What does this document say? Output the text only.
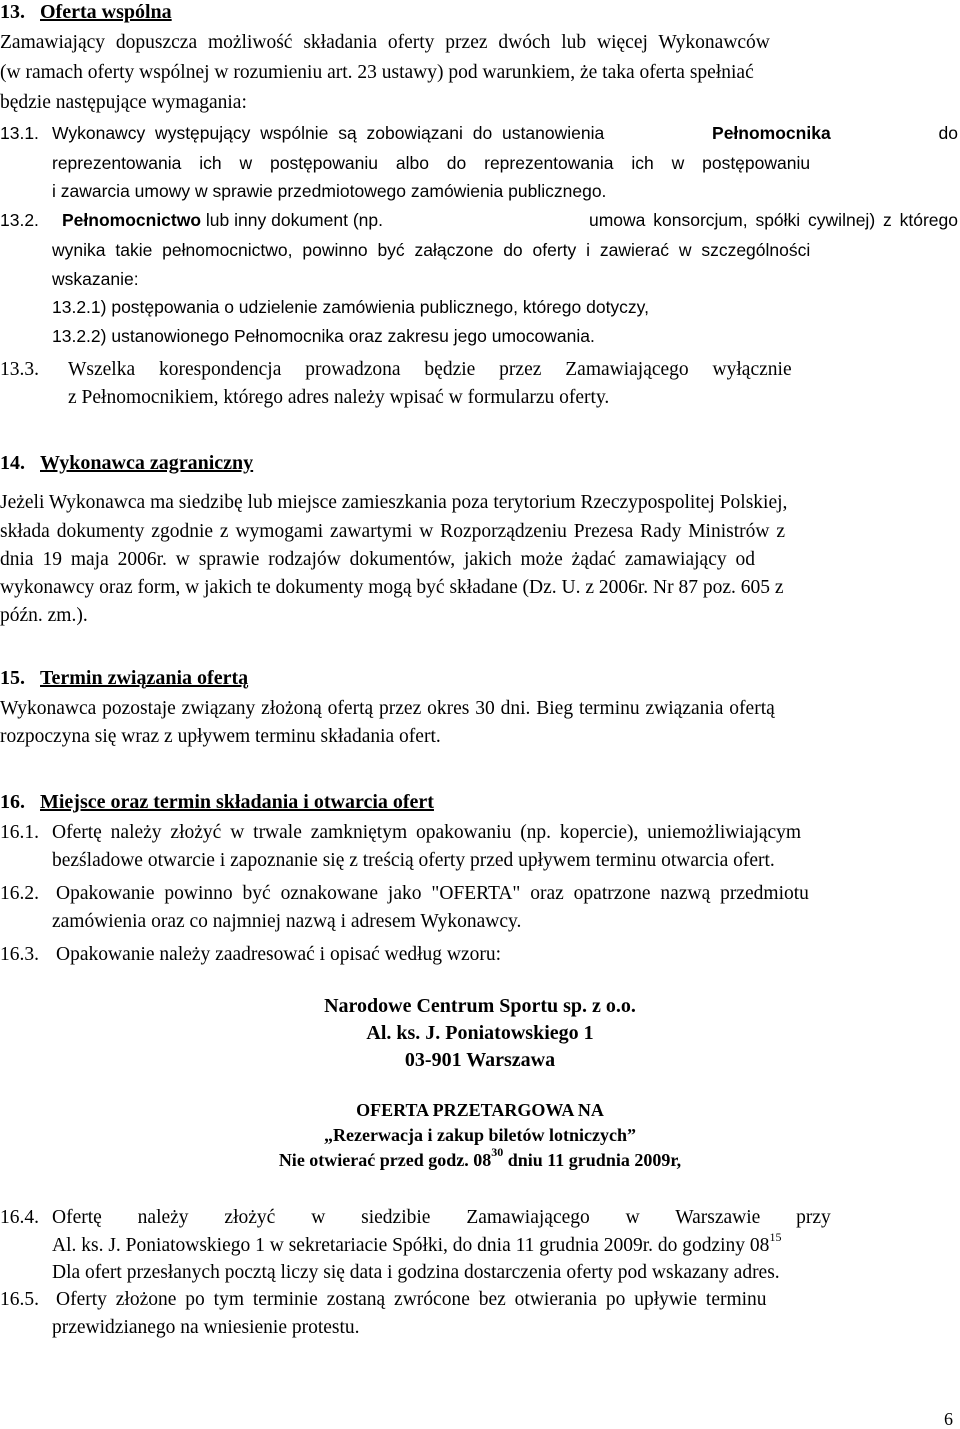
13. Oferta wspólna
Zamawiający dopuszcza możliwość składania oferty przez dwóch lub więcej Wykonawców
(w ramach oferty wspólnej w rozumieniu art. 23 ustawy) pod warunkiem, że taka oferta spełniać
będzie następujące wymagania:
13.1. Wykonawcy występujący wspólnie są zobowiązani do ustanowienia	Pełnomocnika	do
reprezentowania ich w postępowaniu albo do reprezentowania ich w postępowaniu
i zawarcia umowy w sprawie przedmiotowego zamówienia publicznego.
13.2. Pełnomocnictwo lub inny dokument (np.	umowa konsorcjum, spółki cywilnej) z którego
wynika takie pełnomocnictwo, powinno być załączone do oferty i zawierać w szczególności
wskazanie:
13.2.1) postępowania o udzielenie zamówienia publicznego, którego dotyczy,
13.2.2) ustanowionego Pełnomocnika oraz zakresu jego umocowania.
13.3. Wszelka korespondencja prowadzona będzie przez Zamawiającego wyłącznie
z Pełnomocnikiem, którego adres należy wpisać w formularzu oferty.
14. Wykonawca zagraniczny
Jeżeli Wykonawca ma siedzibę lub miejsce zamieszkania poza terytorium Rzeczypospolitej Polskiej,
składa dokumenty zgodnie z wymogami zawartymi w Rozporządzeniu Prezesa Rady Ministrów z
dnia 19 maja 2006r. w sprawie rodzajów dokumentów, jakich może żądać zamawiający od
wykonawcy oraz form, w jakich te dokumenty mogą być składane (Dz. U. z 2006r. Nr 87 poz. 605 z
późn. zm.).
15. Termin związania ofertą
Wykonawca pozostaje związany złożoną ofertą przez okres 30 dni. Bieg terminu związania ofertą
rozpoczyna się wraz z upływem terminu składania ofert.
16. Miejsce oraz termin składania i otwarcia ofert
16.1. Ofertę należy złożyć w trwale zamkniętym opakowaniu (np. kopercie), uniemożliwiającym
bezśladowe otwarcie i zapoznanie się z treścią oferty przed upływem terminu otwarcia ofert.
16.2. Opakowanie powinno być oznakowane jako "OFERTA" oraz opatrzone nazwą przedmiotu
zamówienia oraz co najmniej nazwą i adresem Wykonawcy.
16.3. Opakowanie należy zaadresować i opisać według wzoru:
Narodowe Centrum Sportu sp. z o.o.
Al. ks. J. Poniatowskiego 1
03-901 Warszawa
OFERTA PRZETARGOWA NA
„Rezerwacja i zakup biletów lotniczych”
Nie otwierać przed godz. $08^{30}$ dniu 11 grudnia 2009r,
16.4. Ofertę należy złożyć w siedzibie Zamawiającego w Warszawie przy
Al. ks. J. Poniatowskiego 1 w sekretariacie Spółki, do dnia 11 grudnia 2009r. do godziny $08^{15}$
Dla ofert przesłanych pocztą liczy się data i godzina dostarczenia oferty pod wskazany adres.
16.5. Oferty złożone po tym terminie zostaną zwrócone bez otwierania po upływie terminu
przewidzianego na wniesienie protestu.
6
